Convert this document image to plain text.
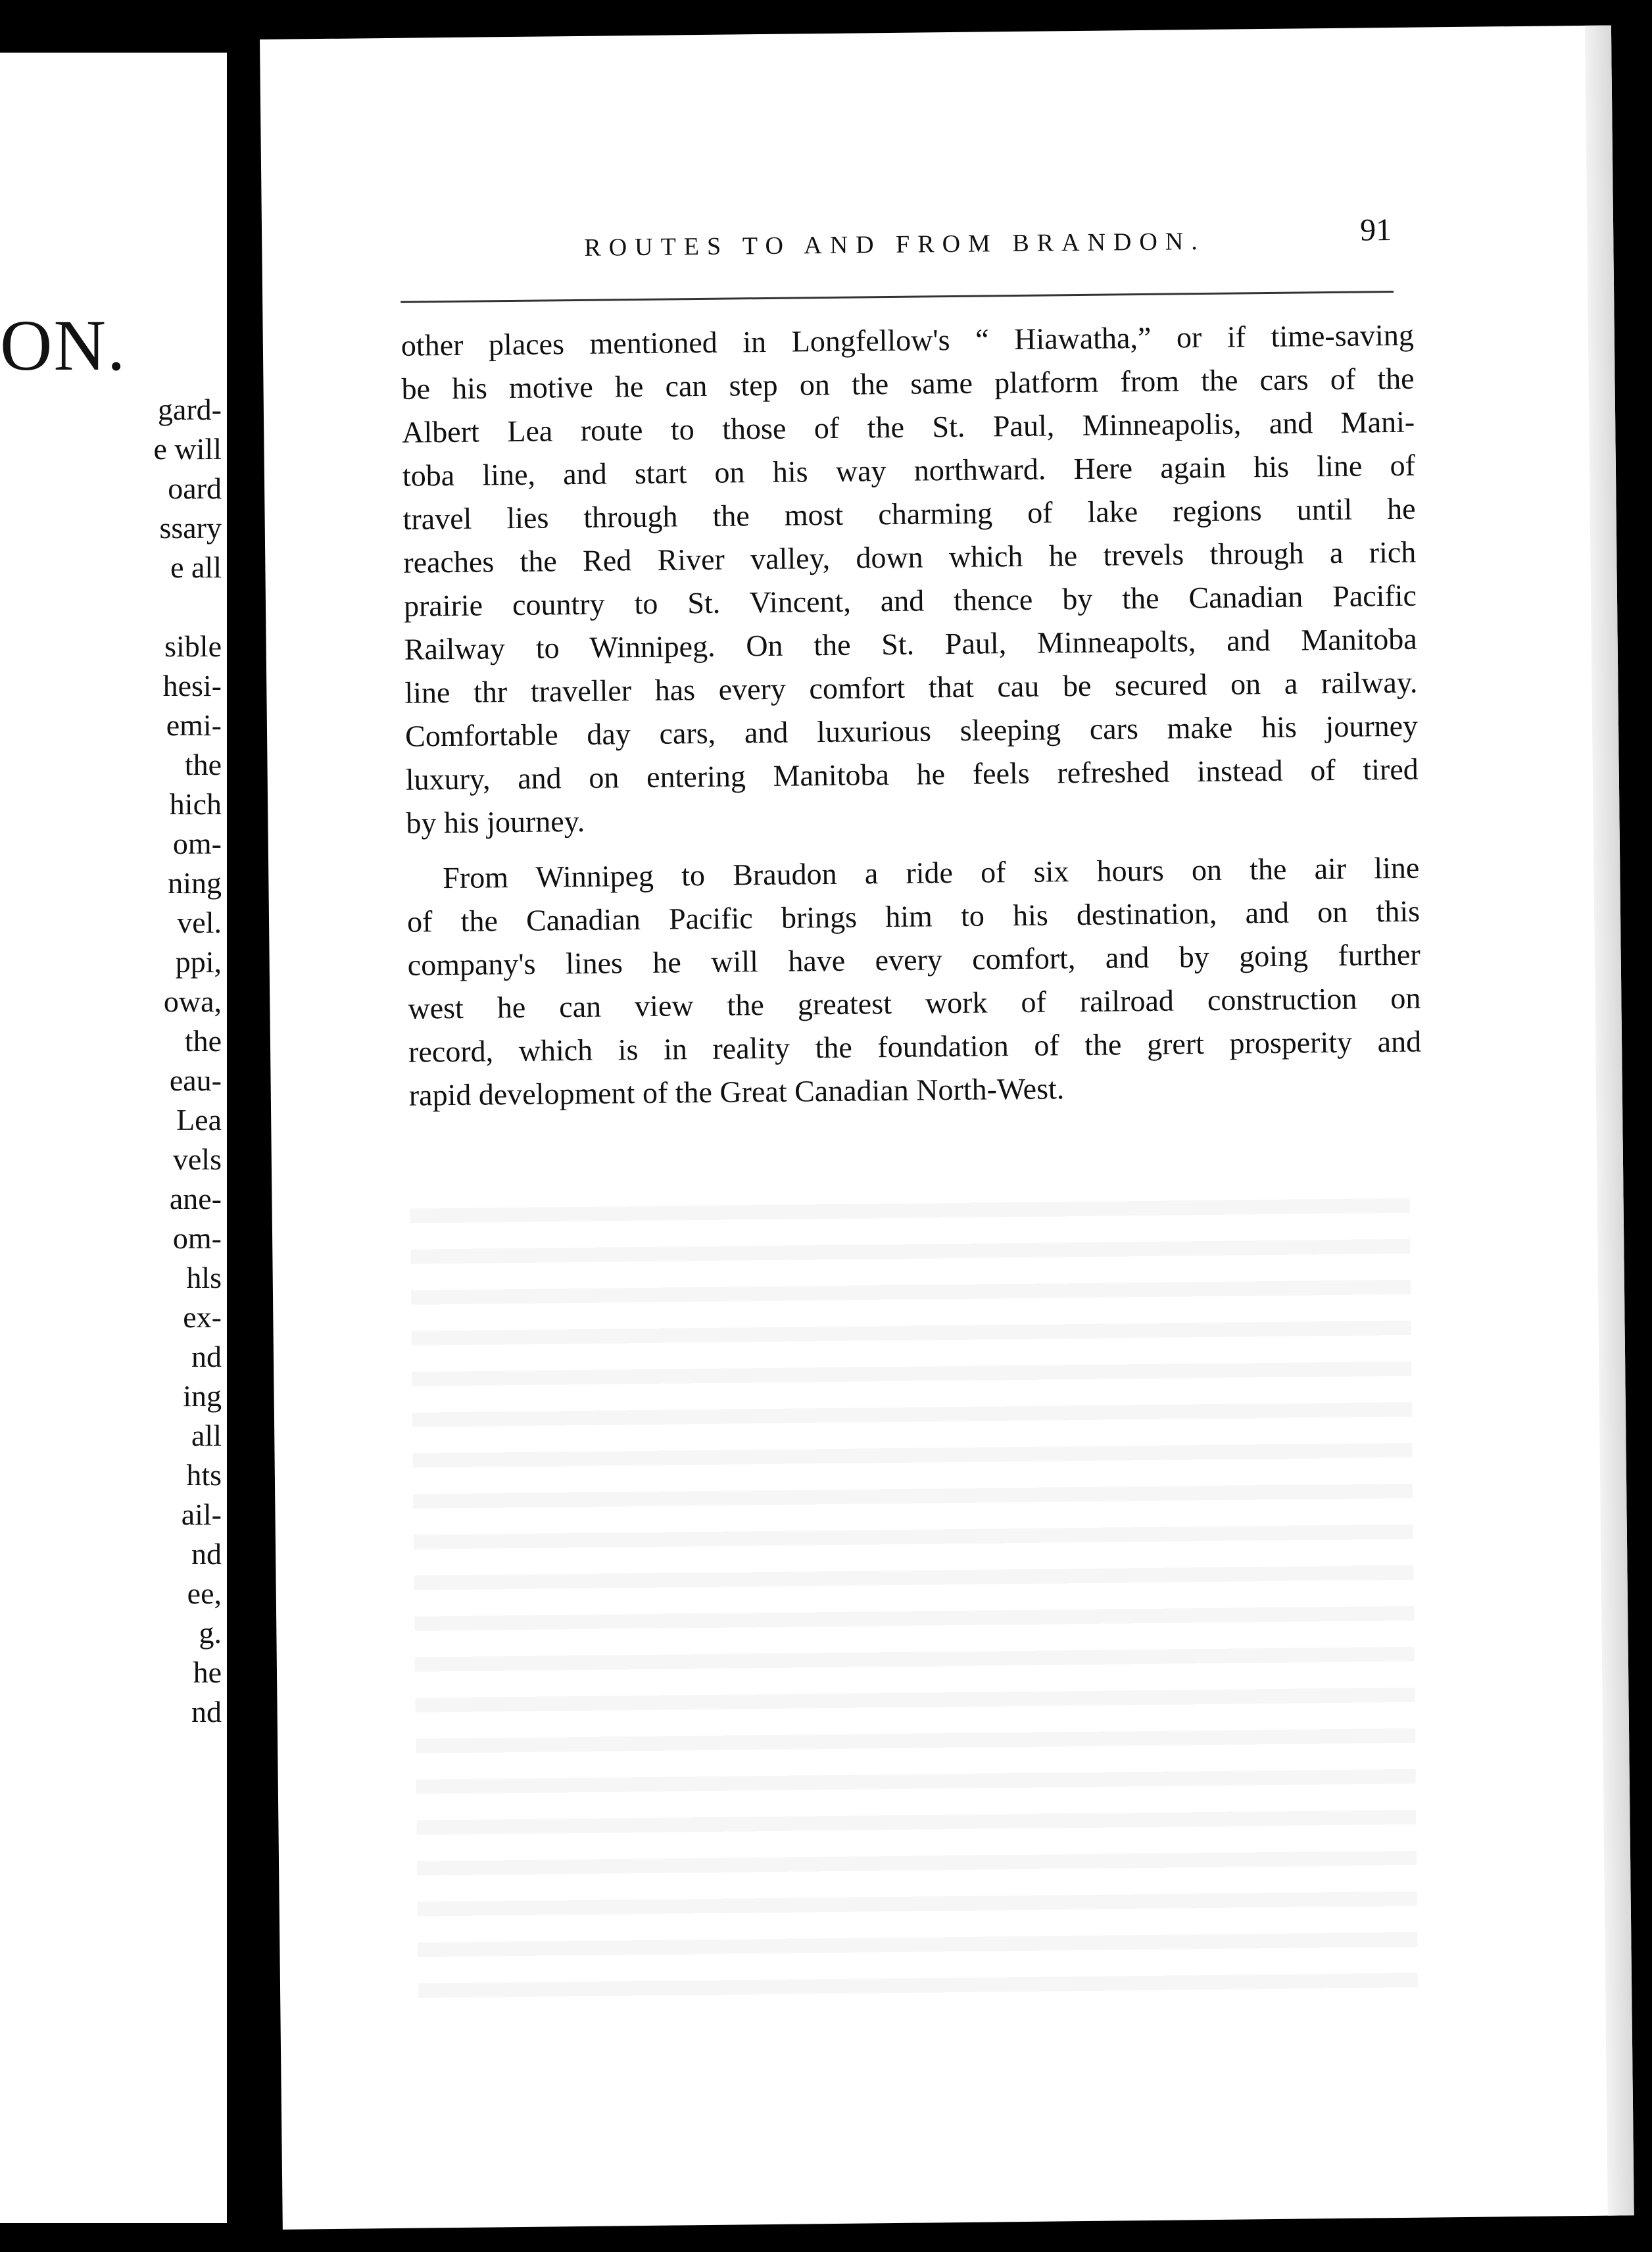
ON.
gard-
e will
oard
ssary
e all
sible
hesi-
emi-
the
hich
om-
ning
vel.
ppi,
owa,
the
eau-
Lea
vels
ane-
om-
hls
ex-
nd
ing
all
hts
ail-
nd
ee,
g.
he
nd
ROUTES TO AND FROM BRANDON.	91
other places mentioned in Longfellow's “ Hiawatha,” or if time-saving
be his motive he can step on the same platform from the cars of the
Albert Lea route to those of the St. Paul, Minneapolis, and Mani-
toba line, and start on his way northward. Here again his line of
travel lies through the most charming of lake regions until he
reaches the Red River valley, down which he trevels through a rich
prairie country to St. Vincent, and thence by the Canadian Pacific
Railway to Winnipeg. On the St. Paul, Minneapolts, and Manitoba
line thr traveller has every comfort that cau be secured on a railway.
Comfortable day cars, and luxurious sleeping cars make his journey
luxury, and on entering Manitoba he feels refreshed instead of tired
by his journey.
From Winnipeg to Braudon a ride of six hours on the air line
of the Canadian Pacific brings him to his destination, and on this
company's lines he will have every comfort, and by going further
west he can view the greatest work of railroad construction on
record, which is in reality the foundation of the grert prosperity and
rapid development of the Great Canadian North-West.
